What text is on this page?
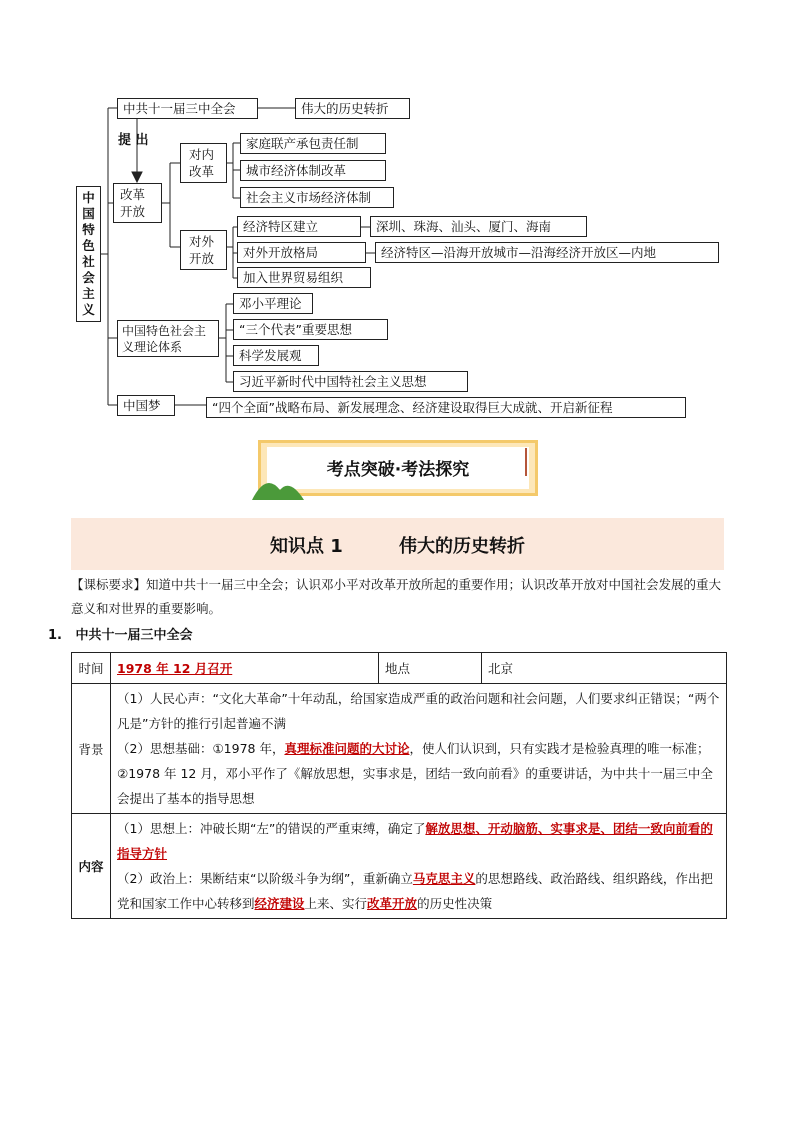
中国特色社会主义
中共十一届三中全会	伟大的历史转折
提 出
改革开放
对内改革
家庭联产承包责任制
城市经济体制改革
社会主义市场经济体制
对外开放
经济特区建立
对外开放格局
加入世界贸易组织
深圳、珠海、汕头、厦门、海南
经济特区—沿海开放城市—沿海经济开放区—内地
中国特色社会主义理论体系
邓小平理论
“三个代表”重要思想
科学发展观
习近平新时代中国特社会主义思想
中国梦	“四个全面”战略布局、新发展理念、经济建设取得巨大成就、开启新征程
考点突破·考法探究
知识点 1	伟大的历史转折
【课标要求】知道中共十一届三中全会；认识邓小平对改革开放所起的重要作用；认识改革开放对中国社会发展的重大意义和对世界的重要影响。
1.   中共十一届三中全会
时间	1978 年 12 月召开	地点	北京
背景	（1）人民心声：“文化大革命”十年动乱，给国家造成严重的政治问题和社会问题，人们要求纠正错误；“两个凡是”方针的推行引起普遍不满
（2）思想基础：①1978 年，真理标准问题的大讨论，使人们认识到，只有实践才是检验真理的唯一标准；②1978 年 12 月，邓小平作了《解放思想，实事求是，团结一致向前看》的重要讲话，为中共十一届三中全会提出了基本的指导思想		

内容	（1）思想上：冲破长期“左”的错误的严重束缚，确定了解放思想、开动脑筋、实事求是、团结一致向前看的指导方针
（2）政治上：果断结束“以阶级斗争为纲”，重新确立马克思主义的思想路线、政治路线、组织路线，作出把党和国家工作中心转移到经济建设上来、实行改革开放的历史性决策		
